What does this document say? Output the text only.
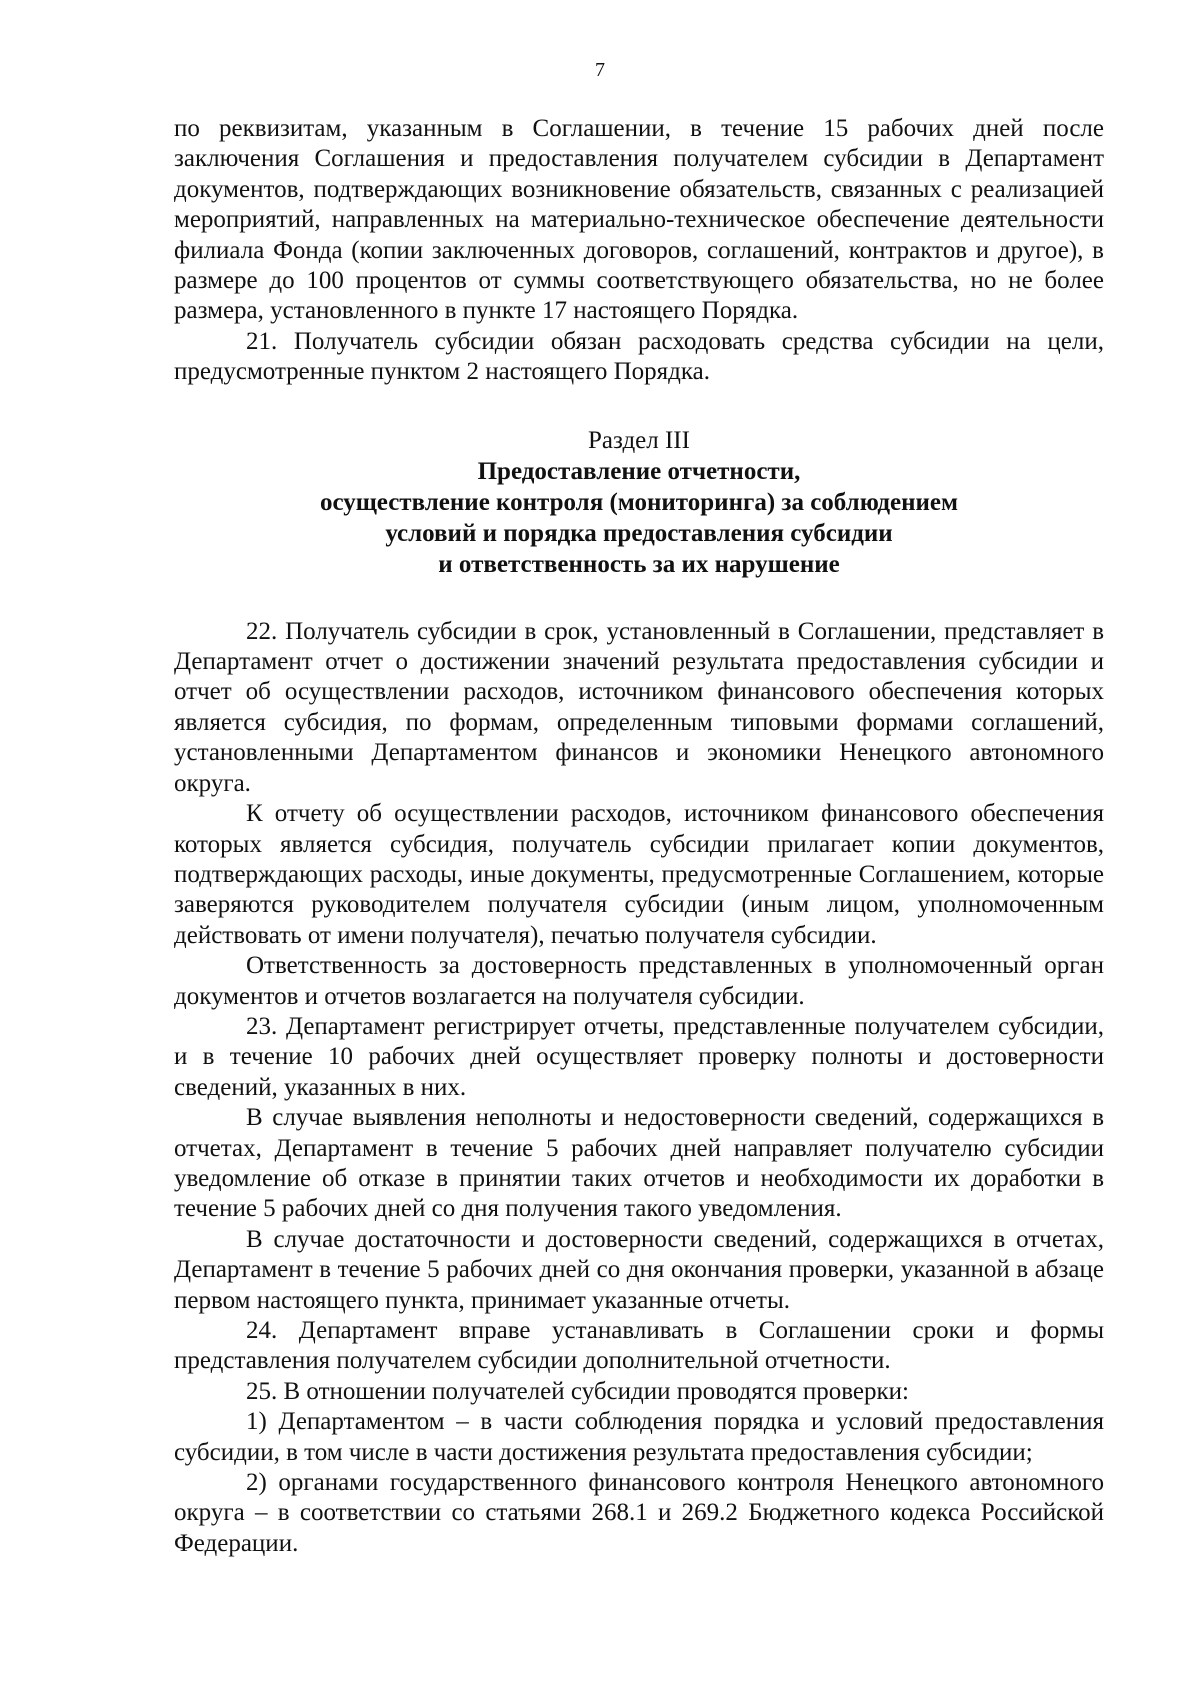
7

по реквизитам, указанным в Соглашении, в течение 15 рабочих дней после заключения Соглашения и предоставления получателем субсидии в Департамент документов, подтверждающих возникновение обязательств, связанных с реализацией мероприятий, направленных на материально-техническое обеспечение деятельности филиала Фонда (копии заключенных договоров, соглашений, контрактов и другое), в размере до 100 процентов от суммы соответствующего обязательства, но не более размера, установленного в пункте 17 настоящего Порядка.

21. Получатель субсидии обязан расходовать средства субсидии на цели, предусмотренные пунктом 2 настоящего Порядка.

Раздел III
Предоставление отчетности,
осуществление контроля (мониторинга) за соблюдением
условий и порядка предоставления субсидии
и ответственность за их нарушение

22. Получатель субсидии в срок, установленный в Соглашении, представляет в Департамент отчет о достижении значений результата предоставления субсидии и отчет об осуществлении расходов, источником финансового обеспечения которых является субсидия, по формам, определенным типовыми формами соглашений, установленными Департаментом финансов и экономики Ненецкого автономного округа.

К отчету об осуществлении расходов, источником финансового обеспечения которых является субсидия, получатель субсидии прилагает копии документов, подтверждающих расходы, иные документы, предусмотренные Соглашением, которые заверяются руководителем получателя субсидии (иным лицом, уполномоченным действовать от имени получателя), печатью получателя субсидии.

Ответственность за достоверность представленных в уполномоченный орган документов и отчетов возлагается на получателя субсидии.

23. Департамент регистрирует отчеты, представленные получателем субсидии, и в течение 10 рабочих дней осуществляет проверку полноты и достоверности сведений, указанных в них.

В случае выявления неполноты и недостоверности сведений, содержащихся в отчетах, Департамент в течение 5 рабочих дней направляет получателю субсидии уведомление об отказе в принятии таких отчетов и необходимости их доработки в течение 5 рабочих дней со дня получения такого уведомления.

В случае достаточности и достоверности сведений, содержащихся в отчетах, Департамент в течение 5 рабочих дней со дня окончания проверки, указанной в абзаце первом настоящего пункта, принимает указанные отчеты.

24. Департамент вправе устанавливать в Соглашении сроки и формы представления получателем субсидии дополнительной отчетности.

25. В отношении получателей субсидии проводятся проверки:

1) Департаментом – в части соблюдения порядка и условий предоставления субсидии, в том числе в части достижения результата предоставления субсидии;

2) органами государственного финансового контроля Ненецкого автономного округа – в соответствии со статьями 268.1 и 269.2 Бюджетного кодекса Российской Федерации.
